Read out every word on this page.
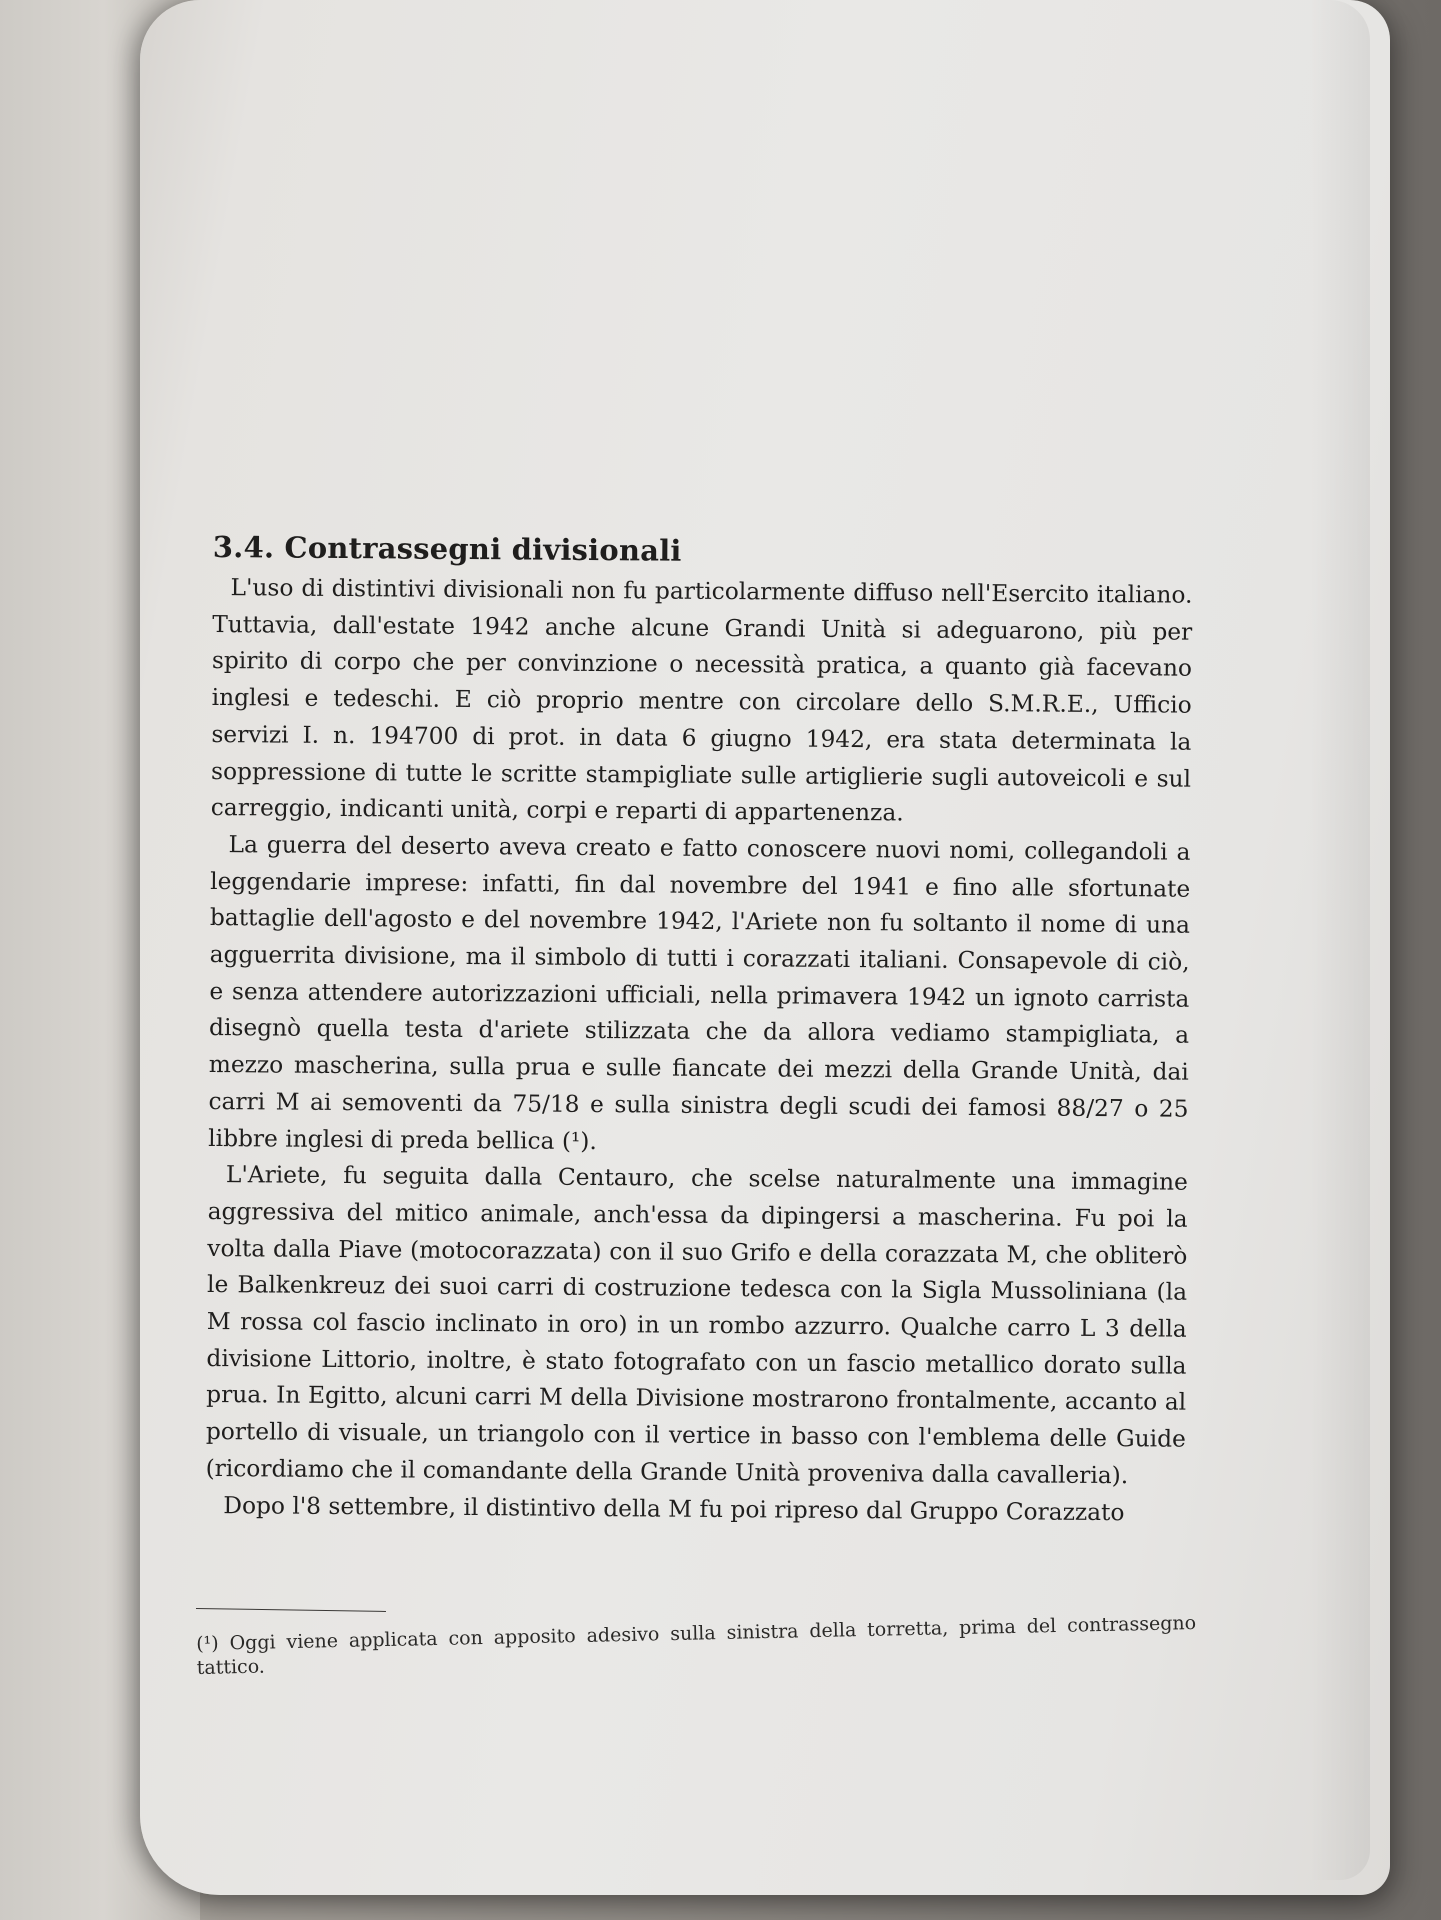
3.4. Contrassegni divisionali

L'uso di distintivi divisionali non fu particolarmente diffuso nell'Esercito italiano. Tuttavia, dall'estate 1942 anche alcune Grandi Unità si adeguarono, più per spirito di corpo che per convinzione o necessità pratica, a quanto già facevano inglesi e tedeschi. E ciò proprio mentre con circolare dello S.M.R.E., Ufficio servizi I. n. 194700 di prot. in data 6 giugno 1942, era stata determinata la soppressione di tutte le scritte stampigliate sulle artiglierie sugli autoveicoli e sul carreggio, indicanti unità, corpi e reparti di appartenenza.

La guerra del deserto aveva creato e fatto conoscere nuovi nomi, collegandoli a leggendarie imprese: infatti, fin dal novembre del 1941 e fino alle sfortunate battaglie dell'agosto e del novembre 1942, l'Ariete non fu soltanto il nome di una agguerrita divisione, ma il simbolo di tutti i corazzati italiani. Consapevole di ciò, e senza attendere autorizzazioni ufficiali, nella primavera 1942 un ignoto carrista disegnò quella testa d'ariete stilizzata che da allora vediamo stampigliata, a mezzo mascherina, sulla prua e sulle fiancate dei mezzi della Grande Unità, dai carri M ai semoventi da 75/18 e sulla sinistra degli scudi dei famosi 88/27 o 25 libbre inglesi di preda bellica (¹).

L'Ariete, fu seguita dalla Centauro, che scelse naturalmente una immagine aggressiva del mitico animale, anch'essa da dipingersi a mascherina. Fu poi la volta dalla Piave (motocorazzata) con il suo Grifo e della corazzata M, che obliterò le Balkenkreuz dei suoi carri di costruzione tedesca con la Sigla Mussoliniana (la M rossa col fascio inclinato in oro) in un rombo azzurro. Qualche carro L 3 della divisione Littorio, inoltre, è stato fotografato con un fascio metallico dorato sulla prua. In Egitto, alcuni carri M della Divisione mostrarono frontalmente, accanto al portello di visuale, un triangolo con il vertice in basso con l'emblema delle Guide (ricordiamo che il comandante della Grande Unità proveniva dalla cavalleria).

Dopo l'8 settembre, il distintivo della M fu poi ripreso dal Gruppo Corazzato

(¹) Oggi viene applicata con apposito adesivo sulla sinistra della torretta, prima del contrassegno tattico.
